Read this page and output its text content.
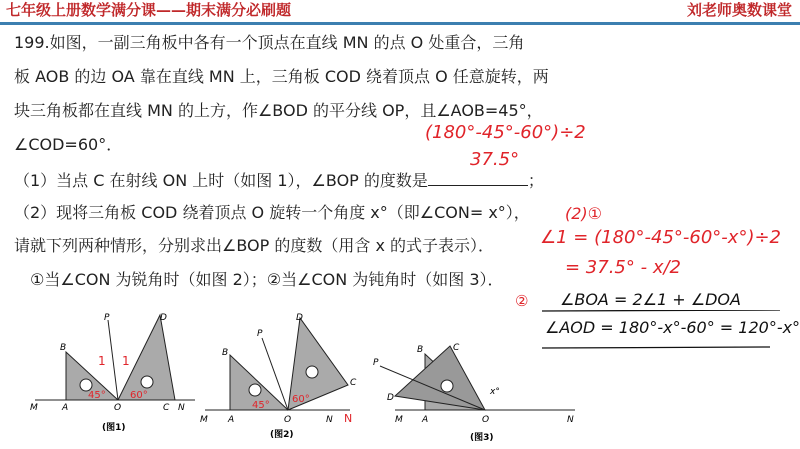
七年级上册数学满分课——期末满分必刷题	刘老师奥数课堂
199.如图，一副三角板中各有一个顶点在直线 MN 的点 O 处重合，三角
板 AOB 的边 OA 靠在直线 MN 上，三角板 COD 绕着顶点 O 任意旋转，两
块三角板都在直线 MN 的上方，作∠BOD 的平分线 OP，且∠AOB=45°，
∠COD=60°．
（1）当点 C 在射线 ON 上时（如图 1），∠BOP 的度数是	；
（2）现将三角板 COD 绕着顶点 O 旋转一个角度 x°（即∠CON= x°），
请就下列两种情形，分别求出∠BOP 的度数（用含 x 的式子表示）．
①当∠CON 为锐角时（如图 2）；②当∠CON 为钝角时（如图 3）．
(180°-45°-60°)÷2
37.5°
(2)①
∠1 = (180°-45°-60°-x°)÷2
= 37.5° - x/2
② ∠BOA = 2∠1 + ∠DOA
∠AOD = 180°-x°-60° = 120°-x°
M	A	O	C N
B
P	D
1 1
45° 60°
(图1)
M A	O	N
B
P
D
C
45°
60°
N
(图2)
P
C
D
B
M A	O	N
x°
(图3)
